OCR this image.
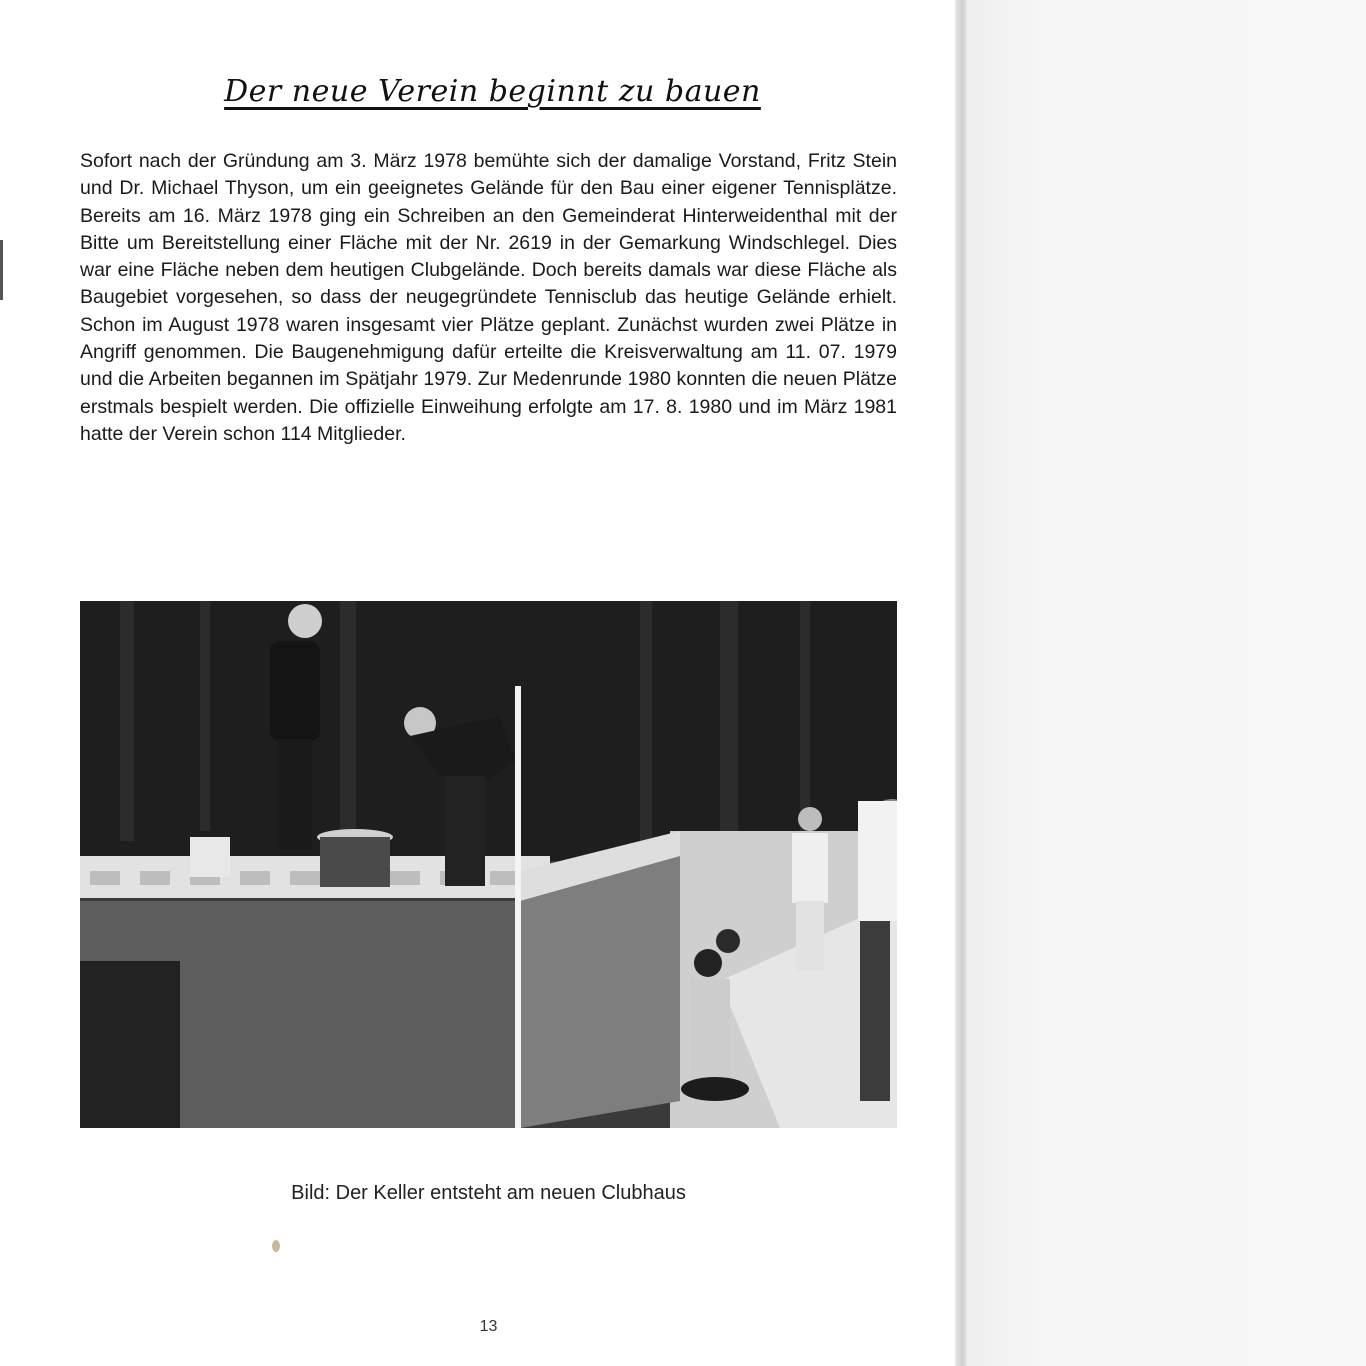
Der neue Verein beginnt zu bauen
Sofort nach der Gründung am 3. März 1978 bemühte sich der damalige Vorstand, Fritz Stein und Dr. Michael Thyson, um ein geeignetes Gelände für den Bau einer eigener Tennisplätze. Bereits am 16. März 1978 ging ein Schreiben an den Gemeinderat Hinterweidenthal mit der Bitte um Bereitstellung einer Fläche mit der Nr. 2619 in der Gemarkung Windschlegel. Dies war eine Fläche neben dem heutigen Clubgelände. Doch bereits damals war diese Fläche als Baugebiet vorgesehen, so dass der neugegründete Tennisclub das heutige Gelände erhielt. Schon im August 1978 waren insgesamt vier Plätze geplant. Zunächst wurden zwei Plätze in Angriff genommen. Die Baugenehmigung dafür erteilte die Kreisverwaltung am 11. 07. 1979 und die Arbeiten begannen im Spätjahr 1979. Zur Medenrunde 1980 konnten die neuen Plätze erstmals bespielt werden. Die offizielle Einweihung erfolgte am 17. 8. 1980 und im März 1981 hatte der Verein schon 114 Mitglieder.
Bild: Der Keller entsteht am neuen Clubhaus
13
